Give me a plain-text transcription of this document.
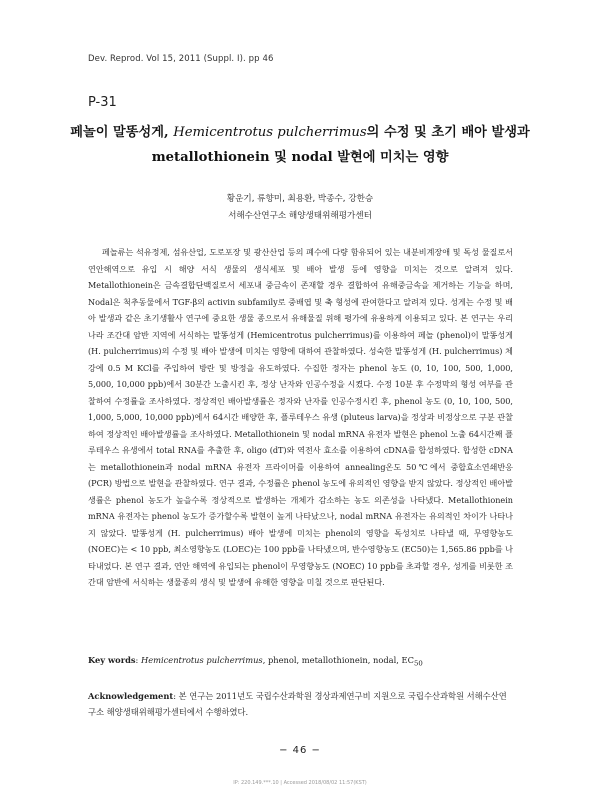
Dev. Reprod. Vol 15, 2011 (Suppl. I). pp 46
P-31
페놀이 말똥성게, Hemicentrotus pulcherrimus의 수정 및 초기 배아 발생과
metallothionein 및 nodal 발현에 미치는 영향
황운기, 류향미, 최용환, 박종수, 강한승
서해수산연구소 해양생태위해평가센터

페놀류는 석유정제, 섬유산업, 도로포장 및 광산산업 등의 폐수에 다량 함유되어 있는 내분비계장애 및 독성 물질로서 연안해역으로 유입 시 해양 서식 생물의 생식세포 및 배아 발생 등에 영향을 미치는 것으로 알려져 있다. Metallothionein은 금속결합단백질로서 세포내 중금속이 존재할 경우 결합하여 유해중금속을 제거하는 기능을 하며, Nodal은 척추동물에서 TGF-β의 activin subfamily로 중배엽 및 축 형성에 관여한다고 알려져 있다. 성게는 수정 및 배아 발생과 같은 초기생활사 연구에 중요한 생물 종으로서 유해물질 위해 평가에 유용하게 이용되고 있다. 본 연구는 우리나라 조간대 암반 지역에 서식하는 말똥성게 (Hemicentrotus pulcherrimus)를 이용하여 페놀 (phenol)이 말똥성게 (H. pulcherrimus)의 수정 및 배아 발생에 미치는 영향에 대하여 관찰하였다. 성숙한 말똥성게 (H. pulcherrimus) 체강에 0.5 M KCl를 주입하여 방란 및 방정을 유도하였다. 수집한 정자는 phenol 농도 (0, 10, 100, 500, 1,000, 5,000, 10,000 ppb)에서 30분간 노출시킨 후, 정상 난자와 인공수정을 시켰다. 수정 10분 후 수정막의 형성 여부를 관찰하여 수정률을 조사하였다. 정상적인 배아발생률은 정자와 난자를 인공수정시킨 후, phenol 농도 (0, 10, 100, 500, 1,000, 5,000, 10,000 ppb)에서 64시간 배양한 후, 플루테우스 유생 (pluteus larva)을 정상과 비정상으로 구분 관찰하여 정상적인 배아발생률을 조사하였다. Metallothionein 및 nodal mRNA 유전자 발현은 phenol 노출 64시간째 플루테우스 유생에서 total RNA를 추출한 후, oligo (dT)와 역전사 효소를 이용하여 cDNA를 합성하였다. 합성한 cDNA는 metallothionein과 nodal mRNA 유전자 프라이머를 이용하여 annealing온도 50℃에서 중합효소연쇄반응 (PCR) 방법으로 발현을 관찰하였다. 연구 결과, 수정률은 phenol 농도에 유의적인 영향을 받지 않았다. 정상적인 배아발생률은 phenol 농도가 높을수록 정상적으로 발생하는 개체가 감소하는 농도 의존성을 나타냈다. Metallothionein mRNA 유전자는 phenol 농도가 증가할수록 발현이 높게 나타났으나, nodal mRNA 유전자는 유의적인 차이가 나타나지 않았다. 말똥성게 (H. pulcherrimus) 배아 발생에 미치는 phenol의 영향을 독성치로 나타낼 때, 무영향농도 (NOEC)는 < 10 ppb, 최소영향농도 (LOEC)는 100 ppb를 나타냈으며, 반수영향농도 (EC50)는 1,565.86 ppb를 나타내었다. 본 연구 결과, 연안 해역에 유입되는 phenol이 무영향농도 (NOEC) 10 ppb를 초과할 경우, 성게를 비롯한 조간대 암반에 서식하는 생물종의 생식 및 발생에 유해한 영향을 미칠 것으로 판단된다.

Key words: Hemicentrotus pulcherrimus, phenol, metallothionein, nodal, $EC_{50}$
Acknowledgement: 본 연구는 2011년도 국립수산과학원 경상과제연구비 지원으로 국립수산과학원 서해수산연구소 해양생태위해평가센터에서 수행하였다.
− 46 −
IP: 220.149.***.10 | Accessed 2018/08/02 11:57(KST)
